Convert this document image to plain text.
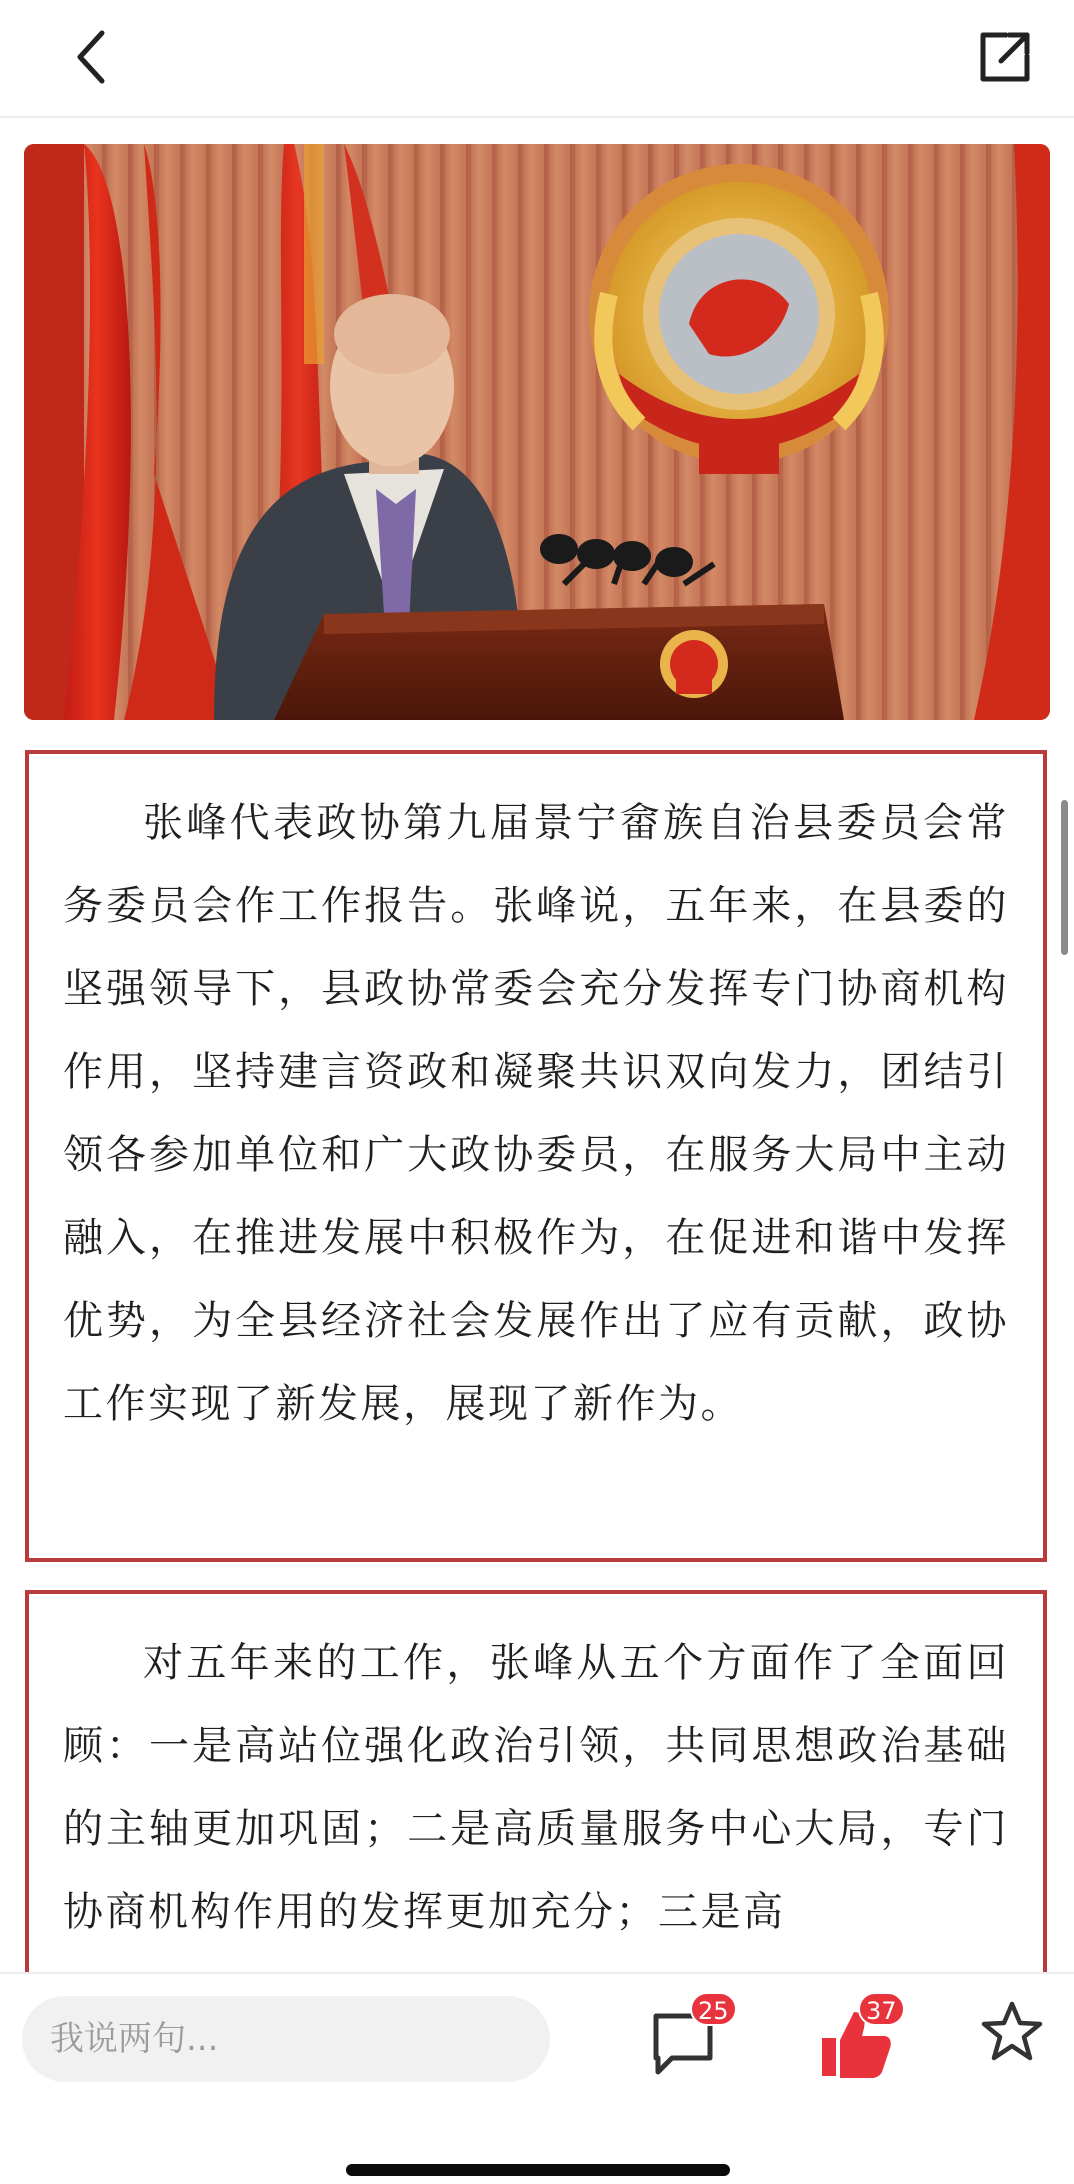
张峰代表政协第九届景宁畲族自治县委员会常务委员会作工作报告。张峰说，五年来，在县委的坚强领导下，县政协常委会充分发挥专门协商机构作用，坚持建言资政和凝聚共识双向发力，团结引领各参加单位和广大政协委员，在服务大局中主动融入，在推进发展中积极作为，在促进和谐中发挥优势，为全县经济社会发展作出了应有贡献，政协工作实现了新发展，展现了新作为。

对五年来的工作，张峰从五个方面作了全面回顾：一是高站位强化政治引领，共同思想政治基础的主轴更加巩固；二是高质量服务中心大局，专门协商机构作用的发挥更加充分；三是高

我说两句...
25	37
